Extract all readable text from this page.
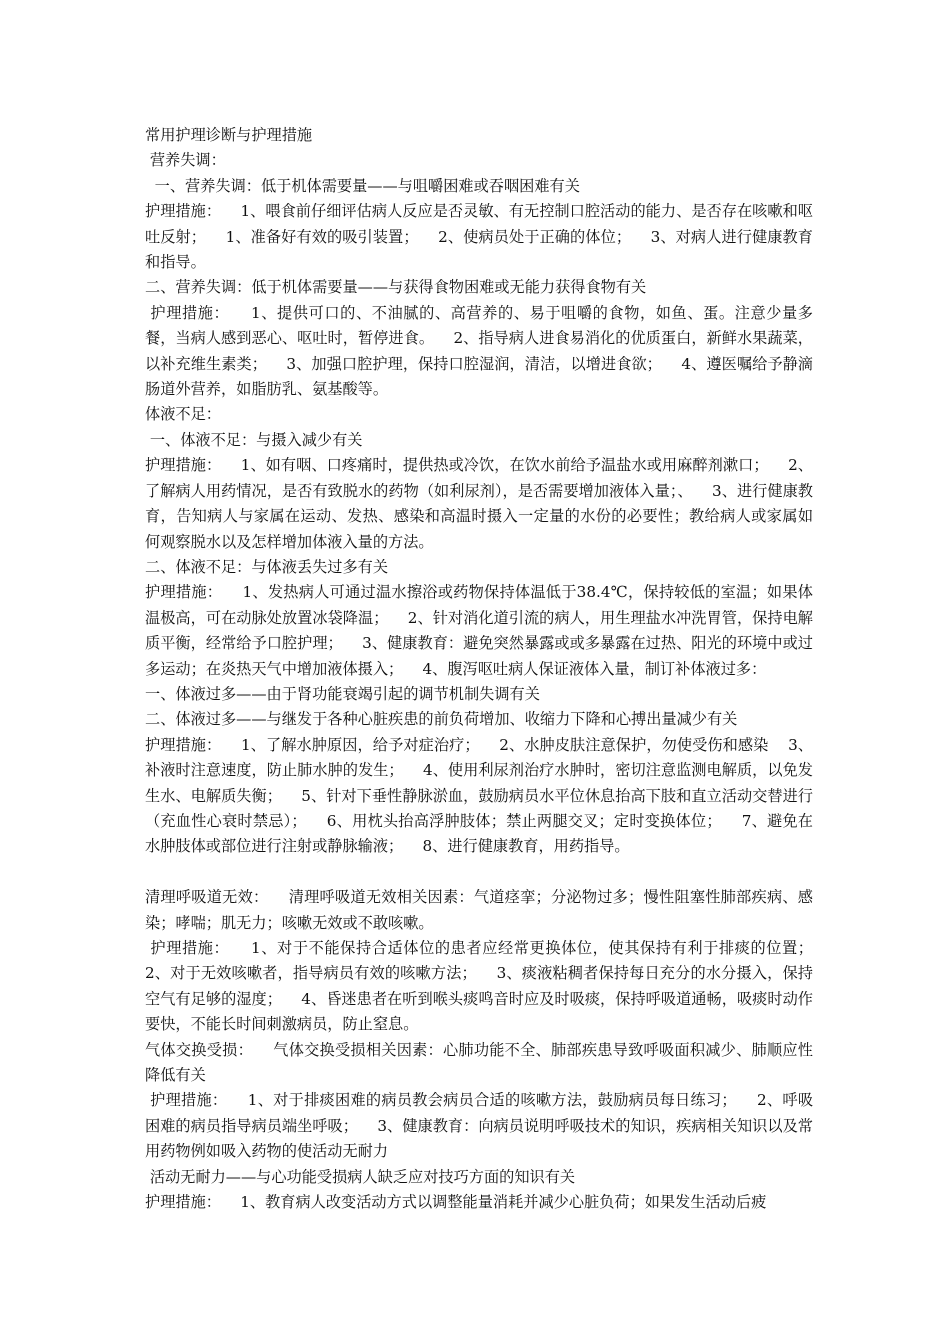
常用护理诊断与护理措施

营养失调：

一、营养失调：低于机体需要量——与咀嚼困难或吞咽困难有关

护理措施：    1、喂食前仔细评估病人反应是否灵敏、有无控制口腔活动的能力、是否存在咳嗽和呕吐反射；    1、准备好有效的吸引装置；    2、使病员处于正确的体位；    3、对病人进行健康教育和指导。

二、营养失调：低于机体需要量——与获得食物困难或无能力获得食物有关

护理措施：    1、提供可口的、不油腻的、高营养的、易于咀嚼的食物，如鱼、蛋。注意少量多餐，当病人感到恶心、呕吐时，暂停进食。    2、指导病人进食易消化的优质蛋白，新鲜水果蔬菜，以补充维生素类；    3、加强口腔护理，保持口腔湿润，清洁，以增进食欲；    4、遵医嘱给予静滴肠道外营养，如脂肪乳、氨基酸等。

体液不足：

一、体液不足：与摄入减少有关

护理措施：    1、如有咽、口疼痛时，提供热或冷饮，在饮水前给予温盐水或用麻醉剂漱口；    2、了解病人用药情况，是否有致脱水的药物（如利尿剂），是否需要增加液体入量；、    3、进行健康教育，告知病人与家属在运动、发热、感染和高温时摄入一定量的水份的必要性；教给病人或家属如何观察脱水以及怎样增加体液入量的方法。

二、体液不足：与体液丢失过多有关

护理措施：    1、发热病人可通过温水擦浴或药物保持体温低于38.4℃，保持较低的室温；如果体温极高，可在动脉处放置冰袋降温；    2、针对消化道引流的病人，用生理盐水冲洗胃管，保持电解质平衡，经常给予口腔护理；    3、健康教育：避免突然暴露或或多暴露在过热、阳光的环境中或过多运动；在炎热天气中增加液体摄入；    4、腹泻呕吐病人保证液体入量，制订补体液过多：

一、体液过多——由于肾功能衰竭引起的调节机制失调有关

二、体液过多——与继发于各种心脏疾患的前负荷增加、收缩力下降和心搏出量减少有关

护理措施：    1、了解水肿原因，给予对症治疗；    2、水肿皮肤注意保护，勿使受伤和感染    3、补液时注意速度，防止肺水肿的发生；    4、使用利尿剂治疗水肿时，密切注意监测电解质，以免发生水、电解质失衡；    5、针对下垂性静脉淤血，鼓励病员水平位休息抬高下肢和直立活动交替进行（充血性心衰时禁忌）；    6、用枕头抬高浮肿肢体；禁止两腿交叉；定时变换体位；    7、避免在水肿肢体或部位进行注射或静脉输液；    8、进行健康教育，用药指导。

清理呼吸道无效：    清理呼吸道无效相关因素：气道痉挛；分泌物过多；慢性阻塞性肺部疾病、感染；哮喘；肌无力；咳嗽无效或不敢咳嗽。

护理措施：    1、对于不能保持合适体位的患者应经常更换体位，使其保持有利于排痰的位置；    2、对于无效咳嗽者，指导病员有效的咳嗽方法；    3、痰液粘稠者保持每日充分的水分摄入，保持空气有足够的湿度；    4、昏迷患者在听到喉头痰鸣音时应及时吸痰，保持呼吸道通畅，吸痰时动作要快，不能长时间刺激病员，防止窒息。

气体交换受损：    气体交换受损相关因素：心肺功能不全、肺部疾患导致呼吸面积减少、肺顺应性降低有关

护理措施：    1、对于排痰困难的病员教会病员合适的咳嗽方法，鼓励病员每日练习；    2、呼吸困难的病员指导病员端坐呼吸；    3、健康教育：向病员说明呼吸技术的知识，疾病相关知识以及常用药物例如吸入药物的使活动无耐力

活动无耐力——与心功能受损病人缺乏应对技巧方面的知识有关

护理措施：    1、教育病人改变活动方式以调整能量消耗并减少心脏负荷；如果发生活动后疲
